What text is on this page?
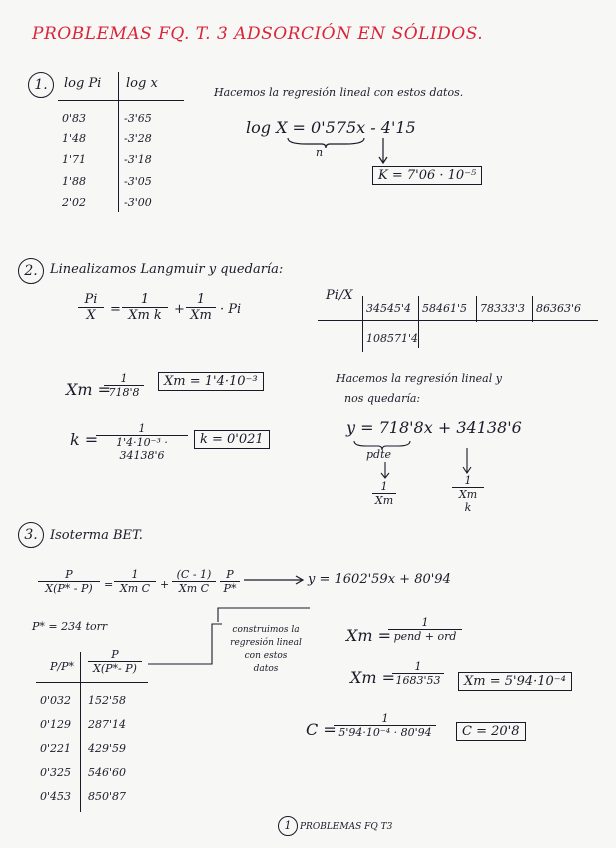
PROBLEMAS FQ. T. 3 ADSORCIÓN EN SÓLIDOS.
1.	log Pi log x
0'83	-3'65
1'48	-3'28
1'71	-3'18
1'88	-3'05
2'02	-3'00
Hacemos la regresión lineal con estos datos.
log X = 0'575x - 4'15
n
K = 7'06 · 10⁻⁵
2. Linealizamos Langmuir y quedaría:
$\frac{Pi}{X} = \frac{1}{\text{Xm k}} + \frac{1}{Xm} \cdot Pi$
Pi/X
34545'4 58461'5 78333'3 86363'6
108571'4
Hacemos la regresión lineal y
nos quedaría:
y = 718'8x + 34138'6
pdte
$\frac{1}{Xm}$	$\frac{1}{\text{Xm k}}$
Xm =
$\frac{1}{718'8}$	Xm = 1'4·10⁻³
k =
$\frac{1}{\text{1'4·10⁻³ · 34138'6}}$ k = 0'021
3. Isoterma BET.
$\frac{P}{X(P* - P)} = \frac{1}{\text{Xm C}} + \frac{(C - 1)}{\text{Xm C}} \frac{P}{P*}$	y = 1602'59x + 80'94
P* = 234 torr
$P/P* \frac{P}{X(P*- P)}$
0'032 152'58
0'129 287'14
0'221 429'59
0'325 546'60
0'453 850'87
construimos la
regresión lineal
con estos
datos
Xm =
1
pend + ord
Xm =
$\frac{1}{1683'53}$	Xm = 5'94·10⁻⁴
C =
$\frac{1}{\text{5'94·10⁻⁴ · 80'94}}$	C = 20'8
1 PROBLEMAS FQ T3
